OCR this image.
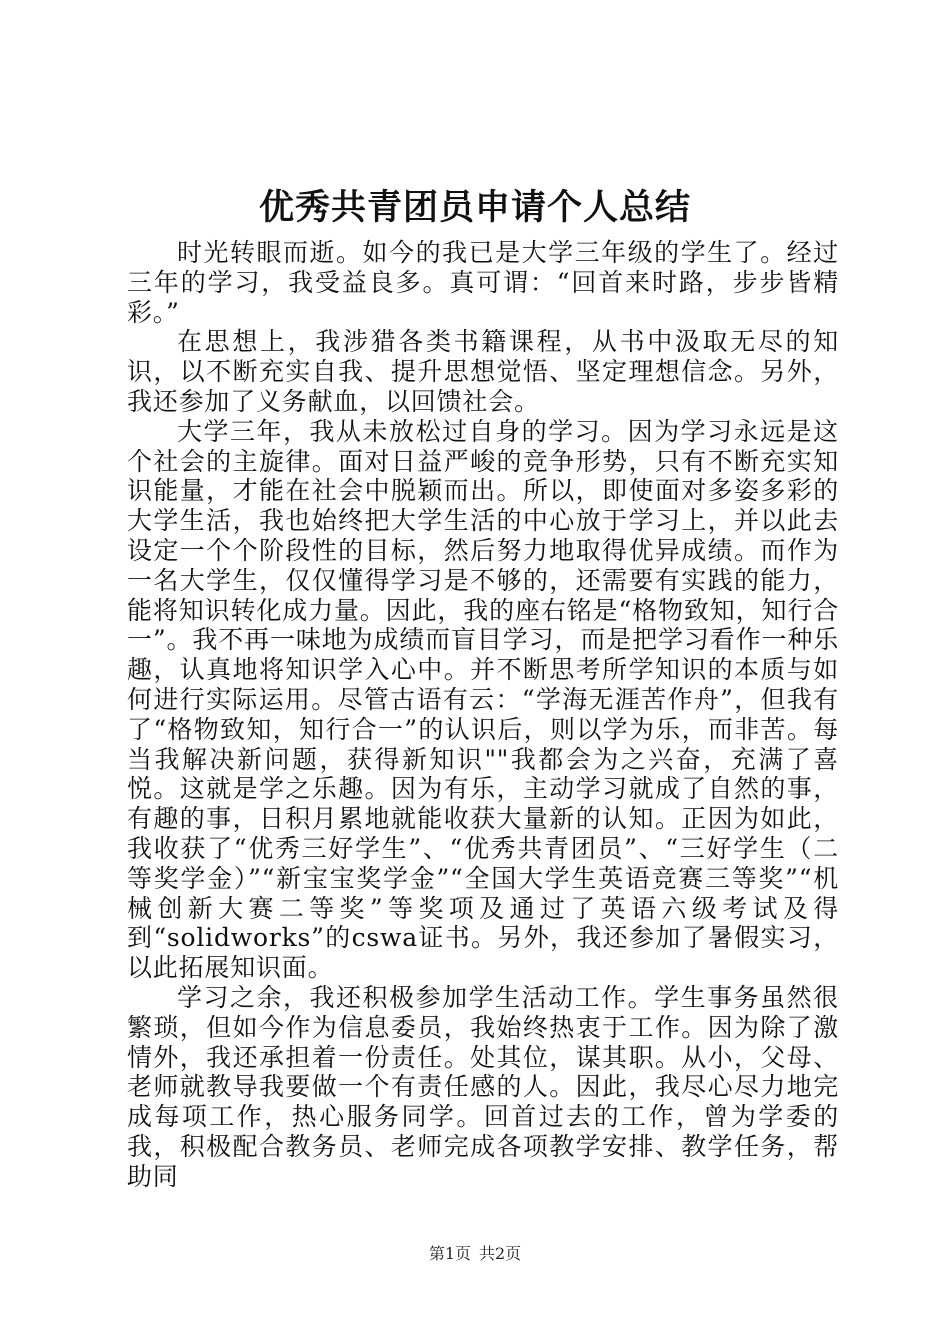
优秀共青团员申请个人总结

时光转眼而逝。如今的我已是大学三年级的学生了。经过三年的学习，我受益良多。真可谓：“回首来时路，步步皆精彩。”

在思想上，我涉猎各类书籍课程，从书中汲取无尽的知识，以不断充实自我、提升思想觉悟、坚定理想信念。另外，我还参加了义务献血，以回馈社会。

大学三年，我从未放松过自身的学习。因为学习永远是这个社会的主旋律。面对日益严峻的竞争形势，只有不断充实知识能量，才能在社会中脱颖而出。所以，即使面对多姿多彩的大学生活，我也始终把大学生活的中心放于学习上，并以此去设定一个个阶段性的目标，然后努力地取得优异成绩。而作为一名大学生，仅仅懂得学习是不够的，还需要有实践的能力，能将知识转化成力量。因此，我的座右铭是“格物致知，知行合一”。我不再一味地为成绩而盲目学习，而是把学习看作一种乐趣，认真地将知识学入心中。并不断思考所学知识的本质与如何进行实际运用。尽管古语有云：“学海无涯苦作舟”，但我有了“格物致知，知行合一”的认识后，则以学为乐，而非苦。每当我解决新问题，获得新知识""我都会为之兴奋，充满了喜悦。这就是学之乐趣。因为有乐，主动学习就成了自然的事，有趣的事，日积月累地就能收获大量新的认知。正因为如此，我收获了“优秀三好学生”、“优秀共青团员”、“三好学生（二等奖学金）”“新宝宝奖学金”“全国大学生英语竞赛三等奖”“机械创新大赛二等奖”等奖项及通过了英语六级考试及得到“solidworks”的cswa证书。另外，我还参加了暑假实习，以此拓展知识面。

学习之余，我还积极参加学生活动工作。学生事务虽然很繁琐，但如今作为信息委员，我始终热衷于工作。因为除了激情外，我还承担着一份责任。处其位，谋其职。从小，父母、老师就教导我要做一个有责任感的人。因此，我尽心尽力地完成每项工作，热心服务同学。回首过去的工作，曾为学委的我，积极配合教务员、老师完成各项教学安排、教学任务，帮助同

第1页 共2页
